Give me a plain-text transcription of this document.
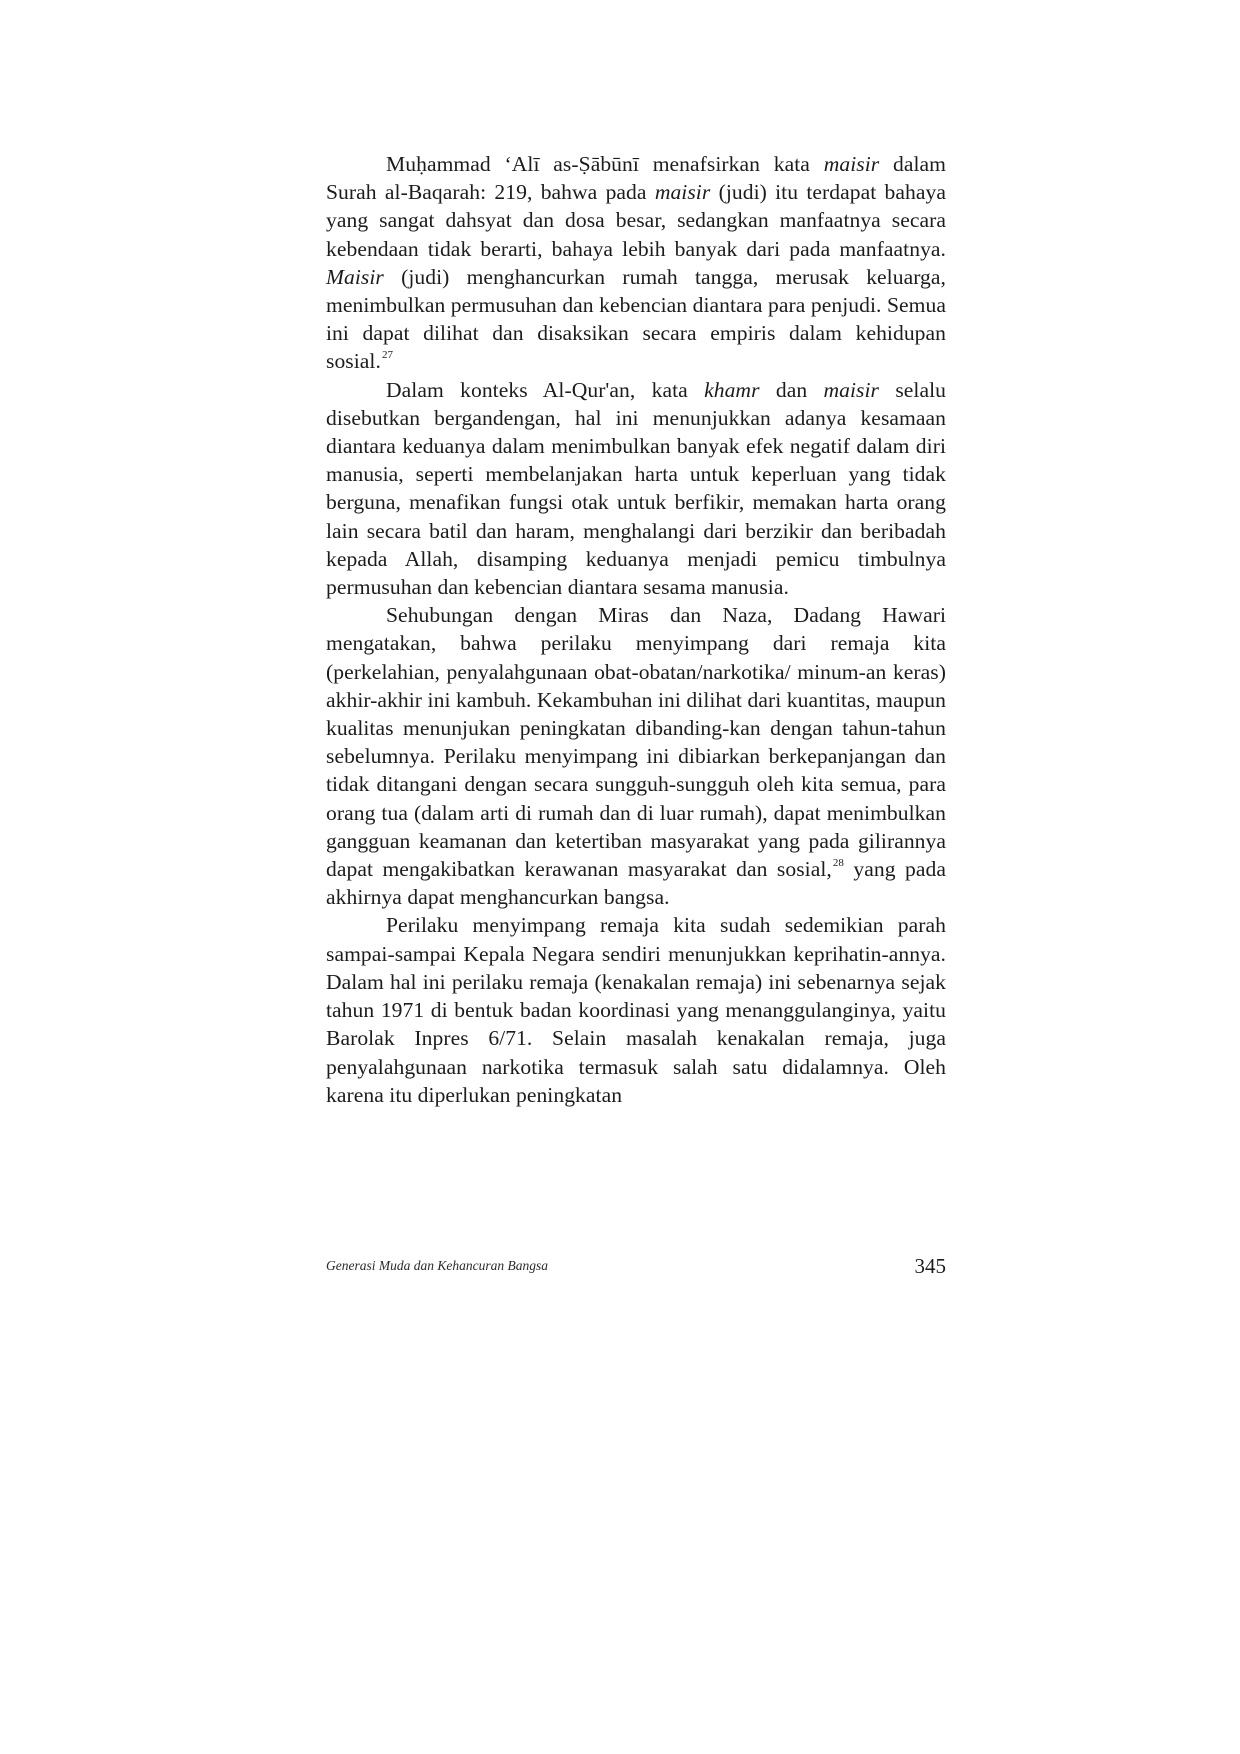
Muḥammad ‘Alī as-Ṣābūnī menafsirkan kata maisir dalam Surah al-Baqarah: 219, bahwa pada maisir (judi) itu terdapat bahaya yang sangat dahsyat dan dosa besar, sedangkan manfaatnya secara kebendaan tidak berarti, bahaya lebih banyak dari pada manfaatnya. Maisir (judi) menghancurkan rumah tangga, merusak keluarga, menimbulkan permusuhan dan kebencian diantara para penjudi. Semua ini dapat dilihat dan disaksikan secara empiris dalam kehidupan sosial.$^{27}$

Dalam konteks Al-Qur'an, kata khamr dan maisir selalu disebutkan bergandengan, hal ini menunjukkan adanya kesamaan diantara keduanya dalam menimbulkan banyak efek negatif dalam diri manusia, seperti membelanjakan harta untuk keperluan yang tidak berguna, menafikan fungsi otak untuk berfikir, memakan harta orang lain secara batil dan haram, menghalangi dari berzikir dan beribadah kepada Allah, disamping keduanya menjadi pemicu timbulnya permusuhan dan kebencian diantara sesama manusia.

Sehubungan dengan Miras dan Naza, Dadang Hawari mengatakan, bahwa perilaku menyimpang dari remaja kita (perkelahian, penyalahgunaan obat-obatan/narkotika/ minum-an keras) akhir-akhir ini kambuh. Kekambuhan ini dilihat dari kuantitas, maupun kualitas menunjukan peningkatan dibanding-kan dengan tahun-tahun sebelumnya. Perilaku menyimpang ini dibiarkan berkepanjangan dan tidak ditangani dengan secara sungguh-sungguh oleh kita semua, para orang tua (dalam arti di rumah dan di luar rumah), dapat menimbulkan gangguan keamanan dan ketertiban masyarakat yang pada gilirannya dapat mengakibatkan kerawanan masyarakat dan sosial,$^{28}$ yang pada akhirnya dapat menghancurkan bangsa.

Perilaku menyimpang remaja kita sudah sedemikian parah sampai-sampai Kepala Negara sendiri menunjukkan keprihatin-annya. Dalam hal ini perilaku remaja (kenakalan remaja) ini sebenarnya sejak tahun 1971 di bentuk badan koordinasi yang menanggulanginya, yaitu Barolak Inpres 6/71. Selain masalah kenakalan remaja, juga penyalahgunaan narkotika termasuk salah satu didalamnya. Oleh karena itu diperlukan peningkatan

Generasi Muda dan Kehancuran Bangsa	345
